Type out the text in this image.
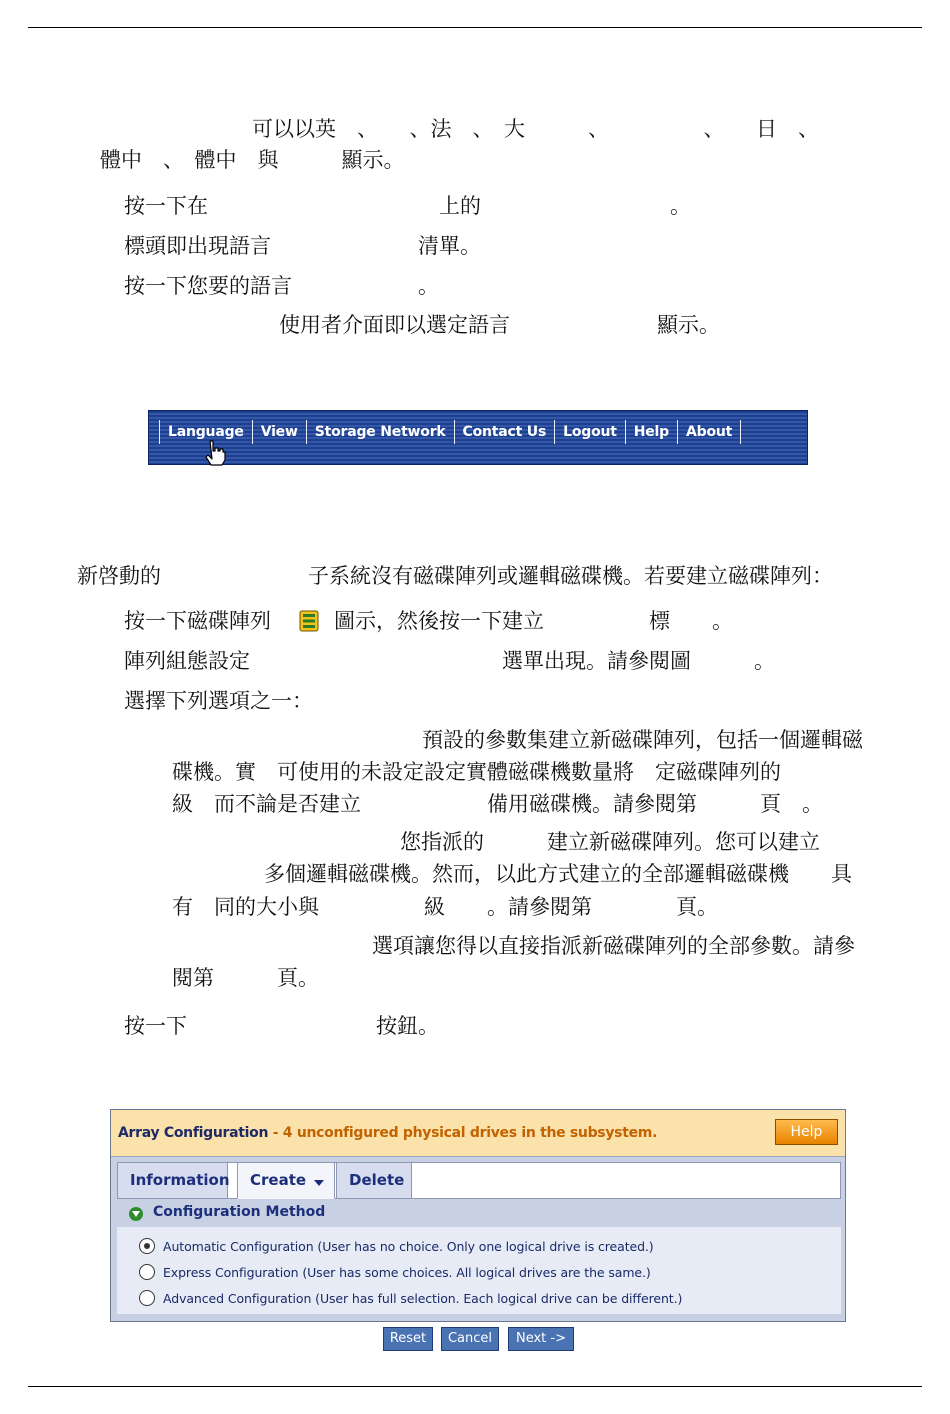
可以以英　、　　、法　、　大　　　、　　　　　、　　日　、
體中　、　體中　與　　　顯示。
按一下在　　　　　　　　　　　上的　　　　　　　　　。
標頭即出現語言　　　　　　　清單。
按一下您要的語言　　　　　　。
　　　　　　　使用者介面即以選定語言　　　　　　　顯示。
Language	View	Storage Network	Contact Us	Logout	Help	About
新啓動的　　　　　　　子系統沒有磁碟陣列或邏輯磁碟機。若要建立磁碟陣列：
按一下磁碟陣列	圖示，然後按一下建立　　　　　標　　。
陣列組態設定　　　　　　　　　　　　選單出現。請參閱圖　　　。
選擇下列選項之一：
預設的參數集建立新磁碟陣列，包括一個邏輯磁
碟機。實　可使用的未設定設定實體磁碟機數量將　定磁碟陣列的
級　而不論是否建立　　　　　　備用磁碟機。請參閱第　　　頁　。
您指派的　　　建立新磁碟陣列。您可以建立
多個邏輯磁碟機。然而，以此方式建立的全部邏輯磁碟機　　具
有　同的大小與　　　　　級　　。請參閱第　　　　頁。
選項讓您得以直接指派新磁碟陣列的全部參數。請參
閱第　　　頁。
按一下　　　　　　　　　按鈕。
Array Configuration - 4 unconfigured physical drives in the subsystem.	Help
Information	Create	Delete
Configuration Method
Automatic Configuration (User has no choice. Only one logical drive is created.)
Express Configuration (User has some choices. All logical drives are the same.)
Advanced Configuration (User has full selection. Each logical drive can be different.)
Reset	Cancel	Next ->
